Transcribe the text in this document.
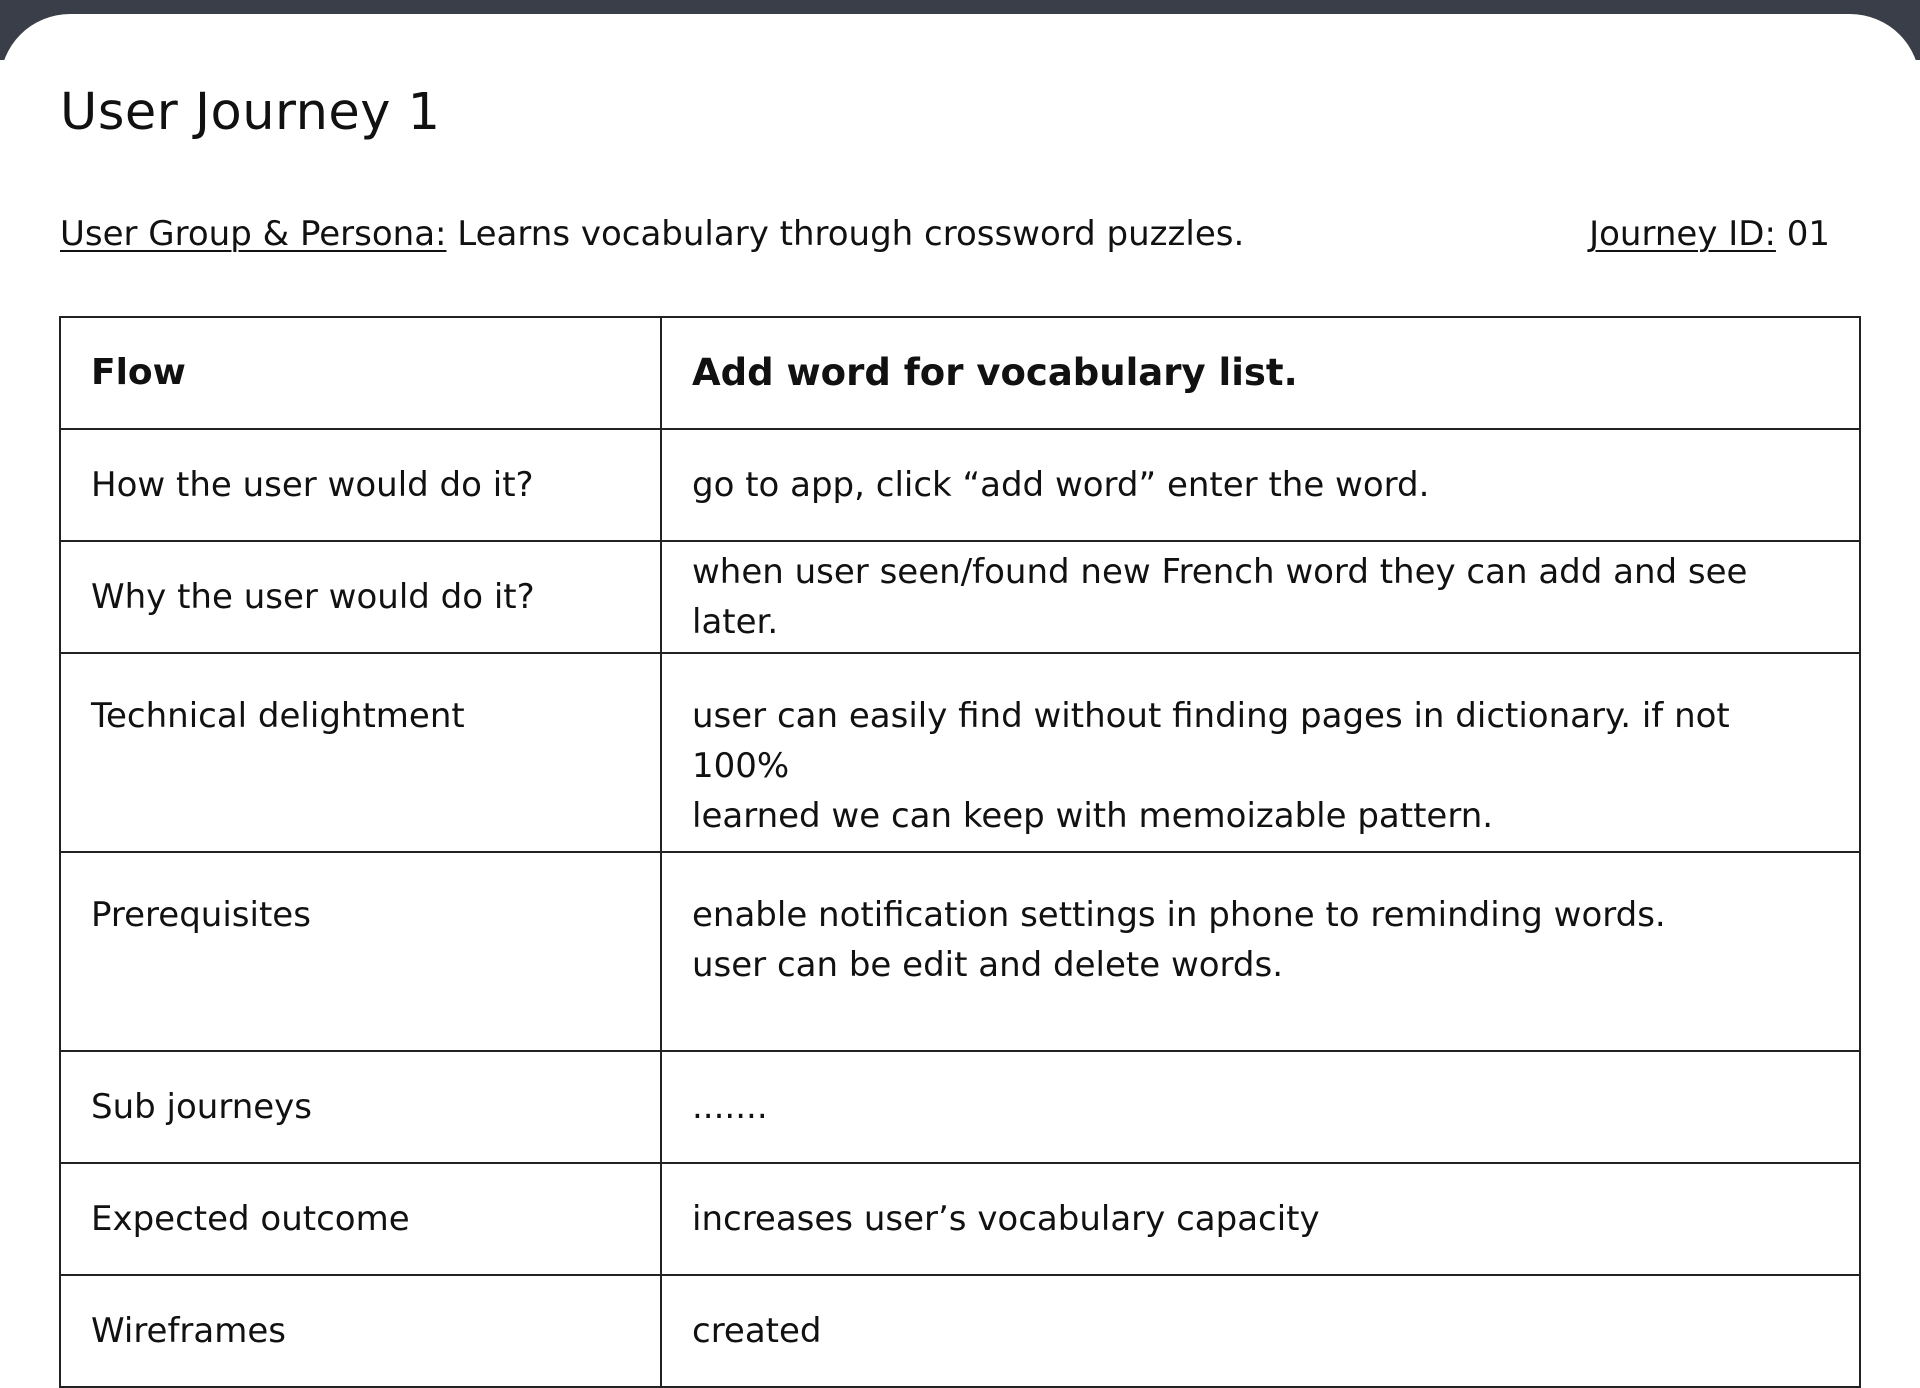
User Journey 1
User Group & Persona: Learns vocabulary through crossword puzzles.	Journey ID: 01
Flow	Add word for vocabulary list.
How the user would do it?	go to app, click “add word” enter the word.

Why the user would do it?	when user seen/found new French word they can add and see later.

Technical delightment	user can easily find without finding pages in dictionary. if not 100%
learned we can keep with memoizable pattern.

Prerequisites	enable notification settings in phone to reminding words.
user can be edit and delete words.

Sub journeys	.......

Expected outcome	increases user’s vocabulary capacity

Wireframes	created
